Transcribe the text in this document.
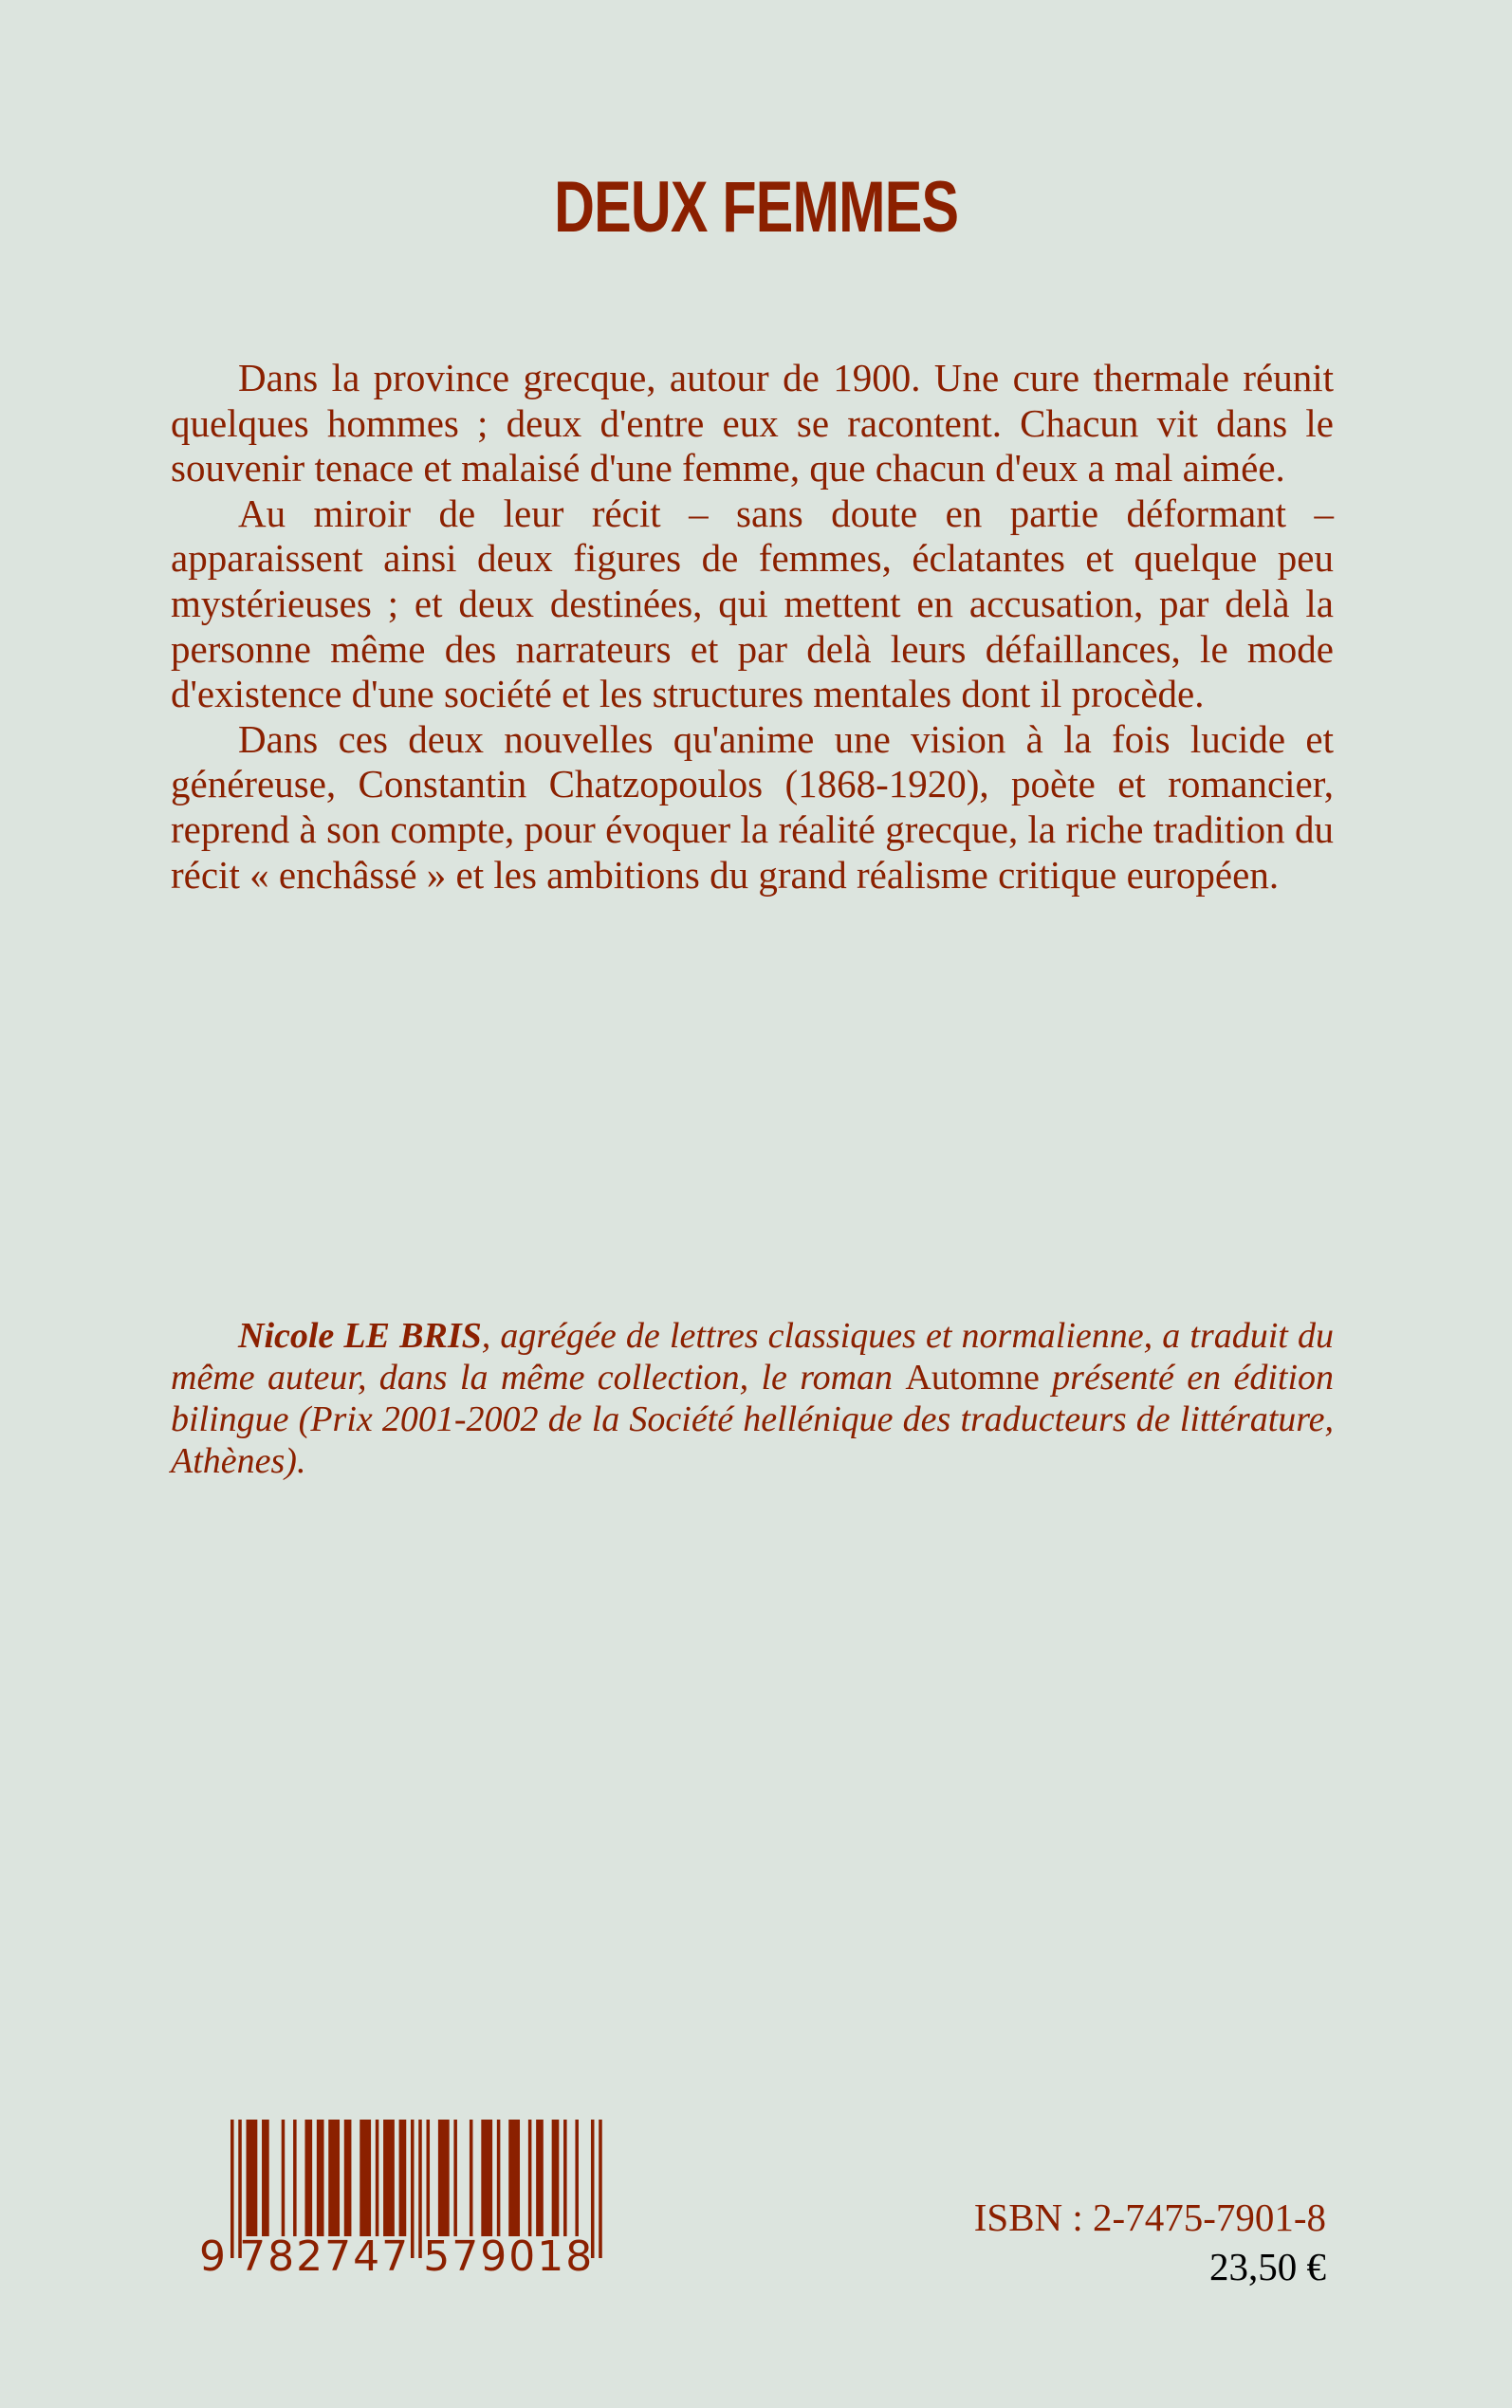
DEUX FEMMES

Dans la province grecque, autour de 1900. Une cure thermale réunit quelques hommes ; deux d'entre eux se racontent. Chacun vit dans le souvenir tenace et malaisé d'une femme, que chacun d'eux a mal aimée.

Au miroir de leur récit – sans doute en partie déformant – apparaissent ainsi deux figures de femmes, éclatantes et quelque peu mystérieuses ; et deux destinées, qui mettent en accusation, par delà la personne même des narrateurs et par delà leurs défaillances, le mode d'existence d'une société et les structures mentales dont il procède.

Dans ces deux nouvelles qu'anime une vision à la fois lucide et généreuse, Constantin Chatzopoulos (1868-1920), poète et romancier, reprend à son compte, pour évoquer la réalité grecque, la riche tradition du récit « enchâssé » et les ambitions du grand réalisme critique européen.

Nicole LE BRIS, agrégée de lettres classiques et normalienne, a traduit du même auteur, dans la même collection, le roman Automne présenté en édition bilingue (Prix 2001-2002 de la Société hellénique des traducteurs de littérature, Athènes).

9 782747 579018
ISBN : 2-7475-7901-8
23,50 €
